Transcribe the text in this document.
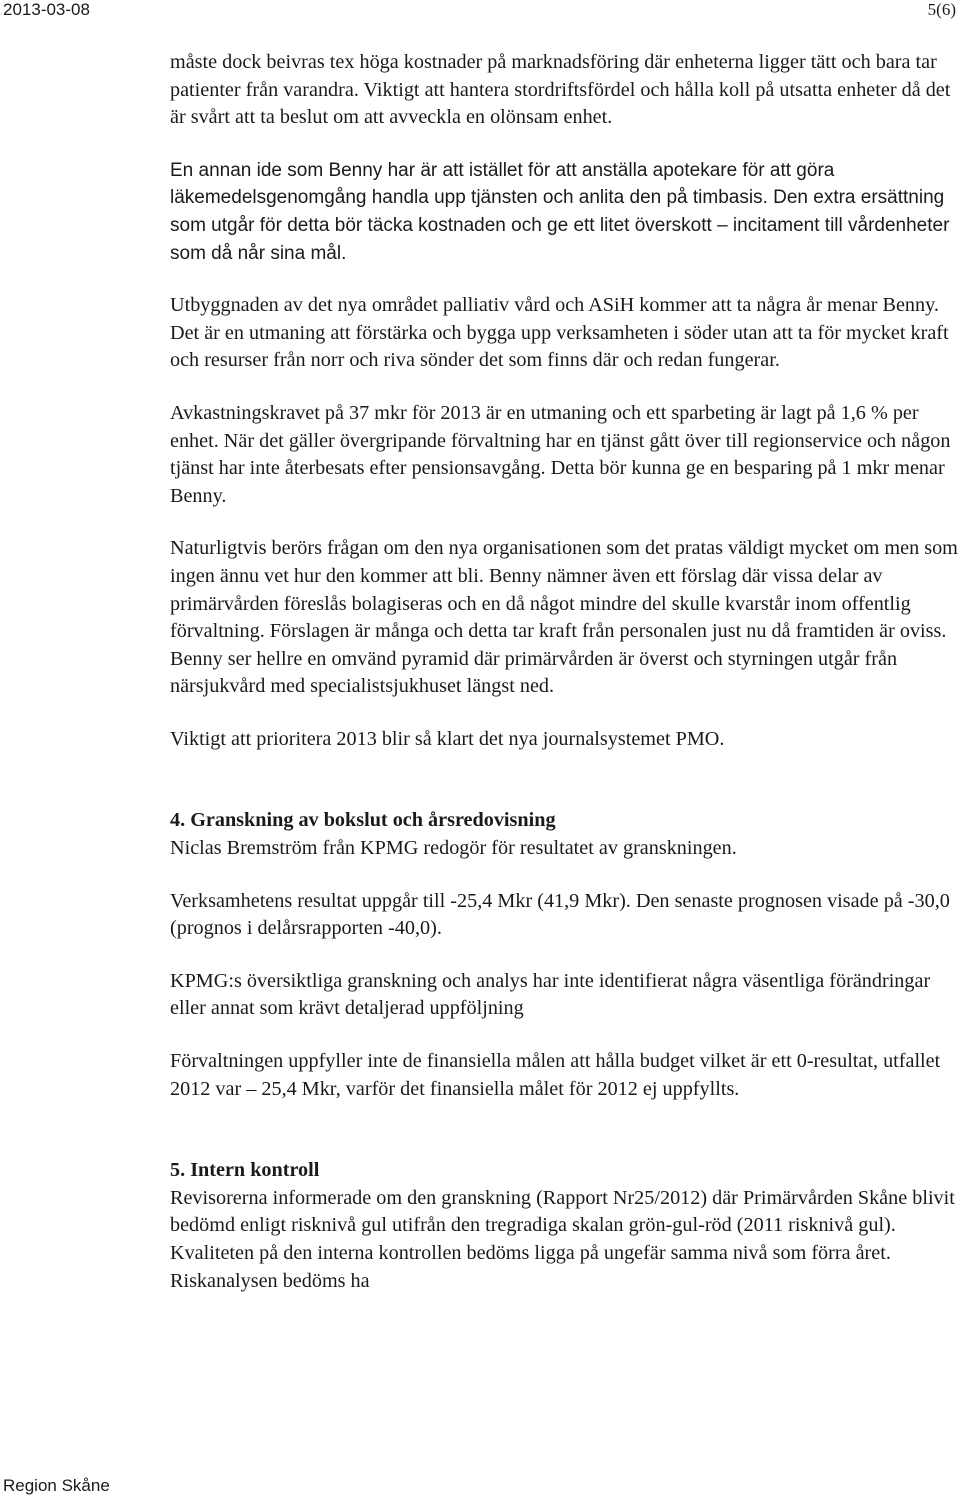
2013-03-08	5(6)

måste dock beivras tex höga kostnader på marknadsföring där enheterna ligger tätt och bara tar patienter från varandra. Viktigt att hantera stordriftsfördel och hålla koll på utsatta enheter då det är svårt att ta beslut om att avveckla en olönsam enhet.

En annan ide som Benny har är att istället för att anställa apotekare för att göra läkemedelsgenomgång handla upp tjänsten och anlita den på timbasis. Den extra ersättning som utgår för detta bör täcka kostnaden och ge ett litet överskott – incitament till vårdenheter som då når sina mål.

Utbyggnaden av det nya området palliativ vård och ASiH kommer att ta några år menar Benny. Det är en utmaning att förstärka och bygga upp verksamheten i söder utan att ta för mycket kraft och resurser från norr och riva sönder det som finns där och redan fungerar.

Avkastningskravet på 37 mkr för 2013 är en utmaning och ett sparbeting är lagt på 1,6 % per enhet. När det gäller övergripande förvaltning har en tjänst gått över till regionservice och någon tjänst har inte återbesats efter pensionsavgång. Detta bör kunna ge en besparing på 1 mkr menar Benny.

Naturligtvis berörs frågan om den nya organisationen som det pratas väldigt mycket om men som ingen ännu vet hur den kommer att bli. Benny nämner även ett förslag där vissa delar av primärvården föreslås bolagiseras och en då något mindre del skulle kvarstår inom offentlig förvaltning. Förslagen är många och detta tar kraft från personalen just nu då framtiden är oviss. Benny ser hellre en omvänd pyramid där primärvården är överst och styrningen utgår från närsjukvård med specialistsjukhuset längst ned.

Viktigt att prioritera 2013 blir så klart det nya journalsystemet PMO.

4. Granskning av bokslut och årsredovisning

Niclas Bremström från KPMG redogör för resultatet av granskningen.

Verksamhetens resultat uppgår till -25,4 Mkr (41,9 Mkr). Den senaste prognosen visade på -30,0 (prognos i delårsrapporten -40,0).

KPMG:s översiktliga granskning och analys har inte identifierat några väsentliga förändringar eller annat som krävt detaljerad uppföljning

Förvaltningen uppfyller inte de finansiella målen att hålla budget vilket är ett 0-resultat, utfallet 2012 var – 25,4 Mkr, varför det finansiella målet för 2012 ej uppfyllts.

5. Intern kontroll

Revisorerna informerade om den granskning (Rapport Nr25/2012) där Primärvården Skåne blivit bedömd enligt risknivå gul utifrån den tregradiga skalan grön-gul-röd (2011 risknivå gul). Kvaliteten på den interna kontrollen bedöms ligga på ungefär samma nivå som förra året. Riskanalysen bedöms ha

Region Skåne
